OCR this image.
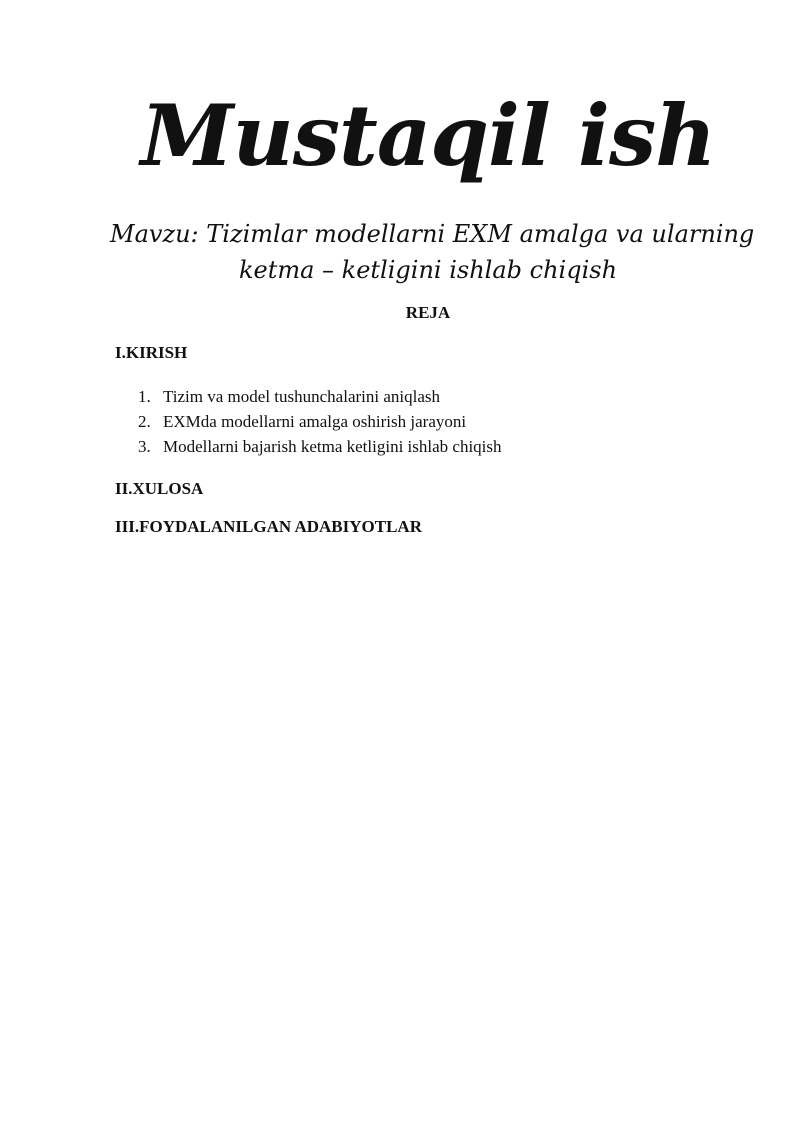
Mustaqil ish

Mavzu: Tizimlar modellarni EXM amalga va ularning
ketma – ketligini ishlab chiqish

REJA

I.KIRISH

1. Tizim va model tushunchalarini aniqlash
2. EXMda modellarni amalga oshirish jarayoni
3. Modellarni bajarish ketma ketligini ishlab chiqish

II.XULOSA

III.FOYDALANILGAN ADABIYOTLAR
